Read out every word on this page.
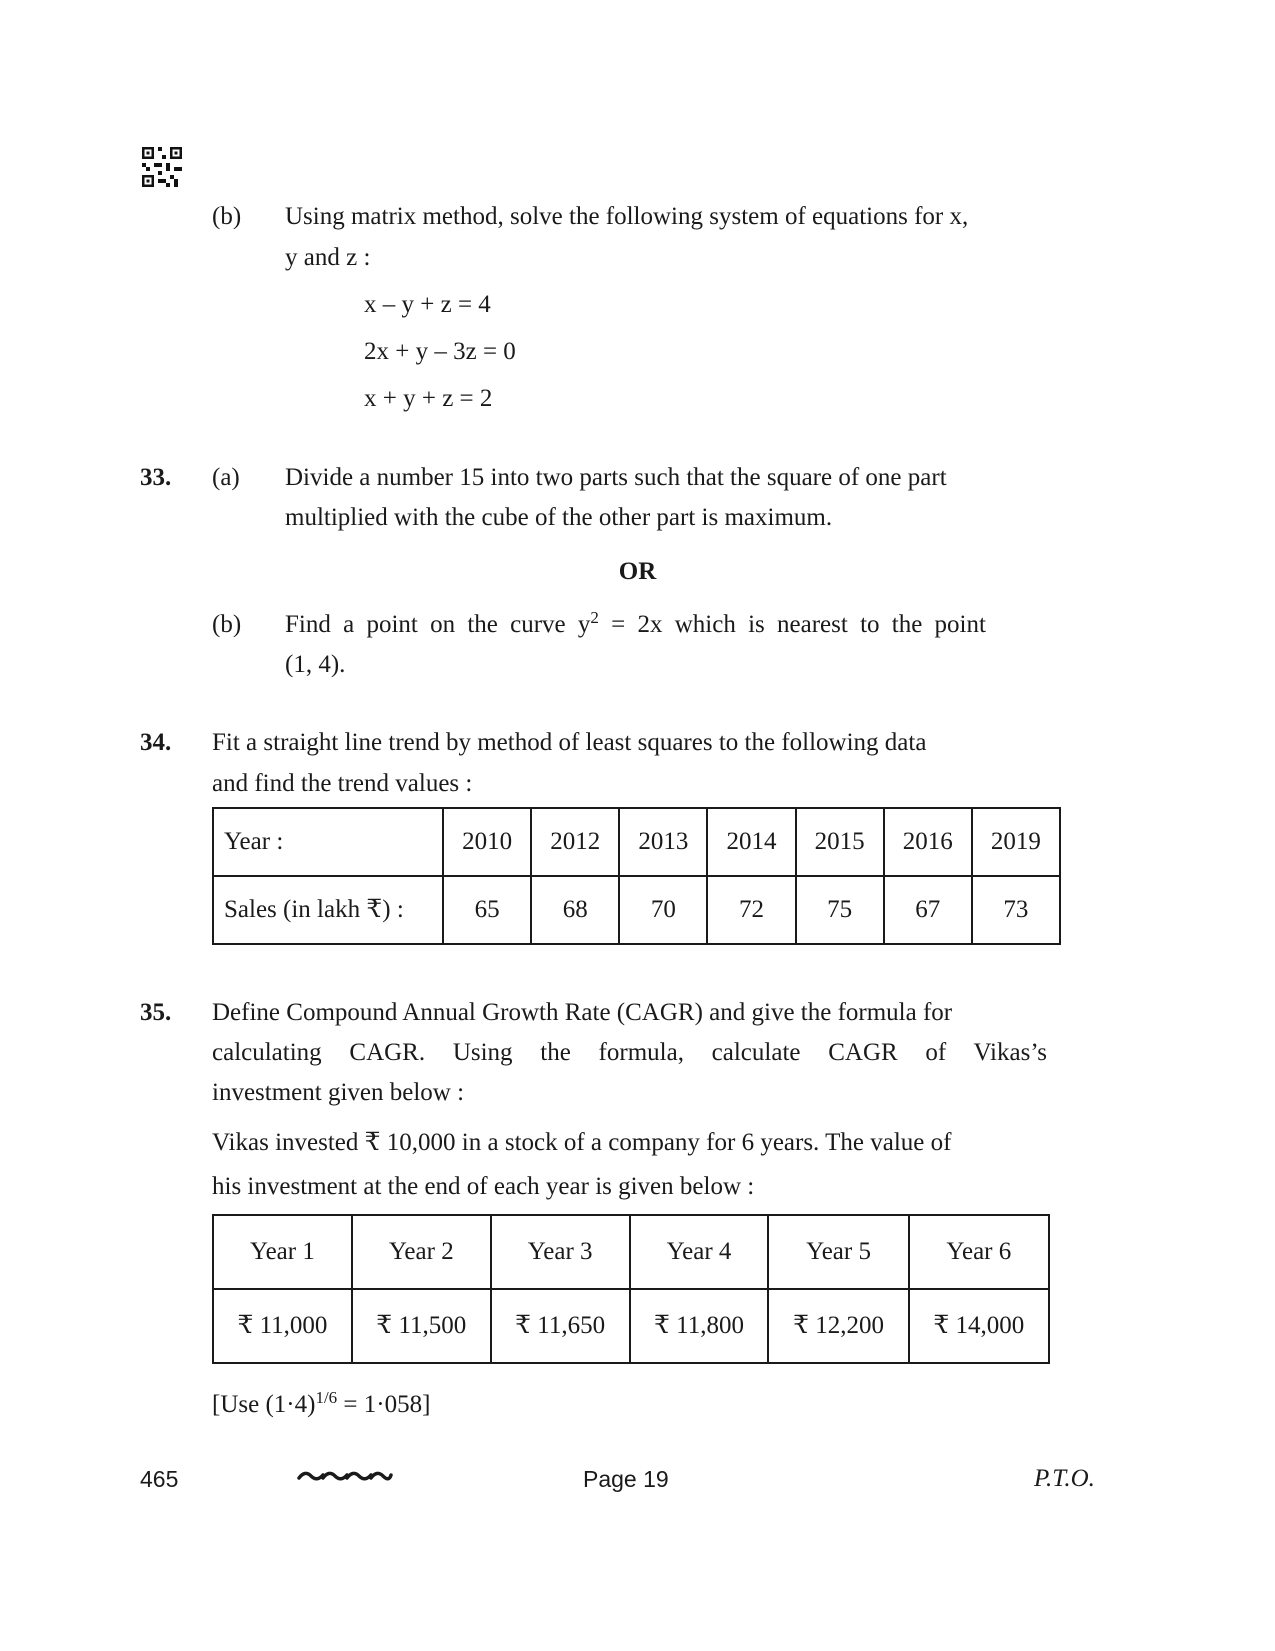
(b) Using matrix method, solve the following system of equations for x,
y and z :
x – y + z = 4
2x + y – 3z = 0
x + y + z = 2
33. (a) Divide a number 15 into two parts such that the square of one part
multiplied with the cube of the other part is maximum.
OR
(b) Find a point on the curve $y^2 = 2x$ which is nearest to the point
(1, 4).
34. Fit a straight line trend by method of least squares to the following data
and find the trend values :
Year :	2010	2012	2013	2014	2015	2016	2019
Sales (in lakh ₹) :	65	68	70	72	75	67	73
35. Define Compound Annual Growth Rate (CAGR) and give the formula for
calculating CAGR. Using the formula, calculate CAGR of Vikas’s
investment given below :
Vikas invested ₹ 10,000 in a stock of a company for 6 years. The value of
his investment at the end of each year is given below :
Year 1	Year 2	Year 3	Year 4	Year 5	Year 6
₹ 11,000	₹ 11,500	₹ 11,650	₹ 11,800	₹ 12,200	₹ 14,000
[Use $(1\cdot 4)^{1/6} = 1\cdot 058$]
465	Page 19	P.T.O.
